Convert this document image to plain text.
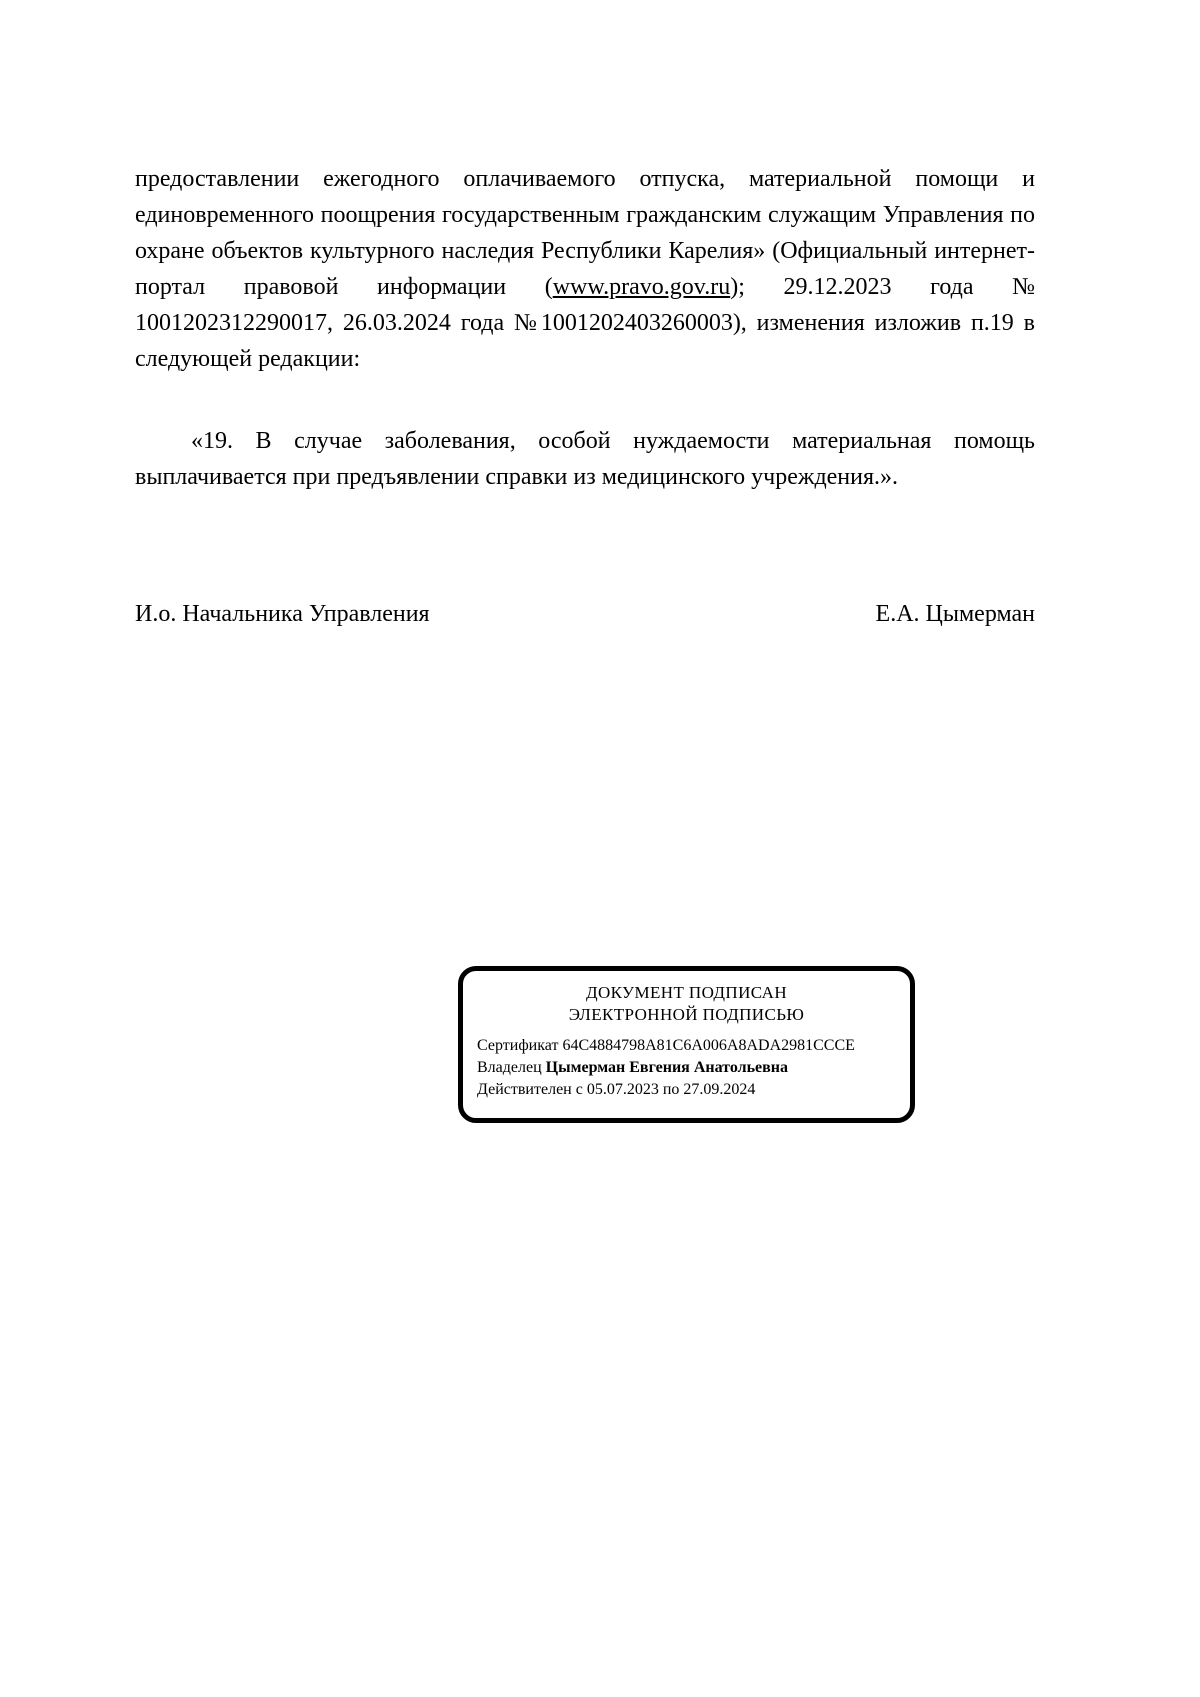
предоставлении ежегодного оплачиваемого отпуска, материальной помощи и единовременного поощрения государственным гражданским служащим Управления по охране объектов культурного наследия Республики Карелия» (Официальный интернет-портал правовой информации (www.pravo.gov.ru); 29.12.2023 года № 1001202312290017, 26.03.2024 года №1001202403260003), изменения изложив п.19 в следующей редакции:

«19. В случае заболевания, особой нуждаемости материальная помощь выплачивается при предъявлении справки из медицинского учреждения.».

И.о. Начальника Управления	Е.А. Цымерман
ДОКУМЕНТ ПОДПИСАН
ЭЛЕКТРОННОЙ ПОДПИСЬЮ
Сертификат 64C4884798A81C6A006A8ADA2981CCCE
Владелец Цымерман Евгения Анатольевна
Действителен с 05.07.2023 по 27.09.2024
